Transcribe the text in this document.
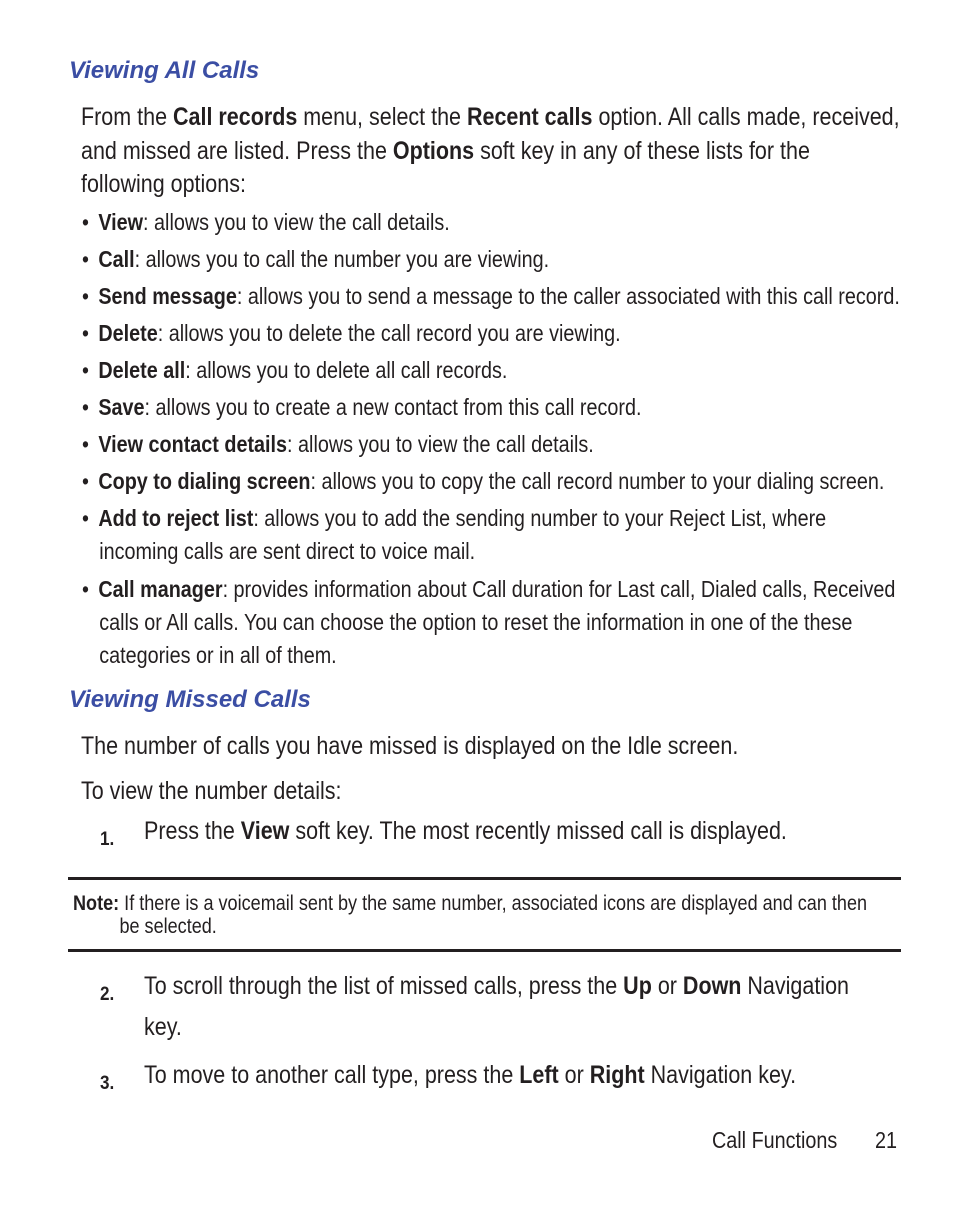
Viewing All Calls
From the Call records menu, select the Recent calls option. All calls made, received,
and missed are listed. Press the Options soft key in any of these lists for the
following options:
• View: allows you to view the call details.
• Call: allows you to call the number you are viewing.
• Send message: allows you to send a message to the caller associated with this call record.
• Delete: allows you to delete the call record you are viewing.
• Delete all: allows you to delete all call records.
• Save: allows you to create a new contact from this call record.
• View contact details: allows you to view the call details.
• Copy to dialing screen: allows you to copy the call record number to your dialing screen.
• Add to reject list: allows you to add the sending number to your Reject List, where
incoming calls are sent direct to voice mail.
• Call manager: provides information about Call duration for Last call, Dialed calls, Received
calls or All calls. You can choose the option to reset the information in one of the these
categories or in all of them.
Viewing Missed Calls
The number of calls you have missed is displayed on the Idle screen.
To view the number details:
1. Press the View soft key. The most recently missed call is displayed.
Note: If there is a voicemail sent by the same number, associated icons are displayed and can then
be selected.
2. To scroll through the list of missed calls, press the Up or Down Navigation
key.
3. To move to another call type, press the Left or Right Navigation key.
Call Functions 21
